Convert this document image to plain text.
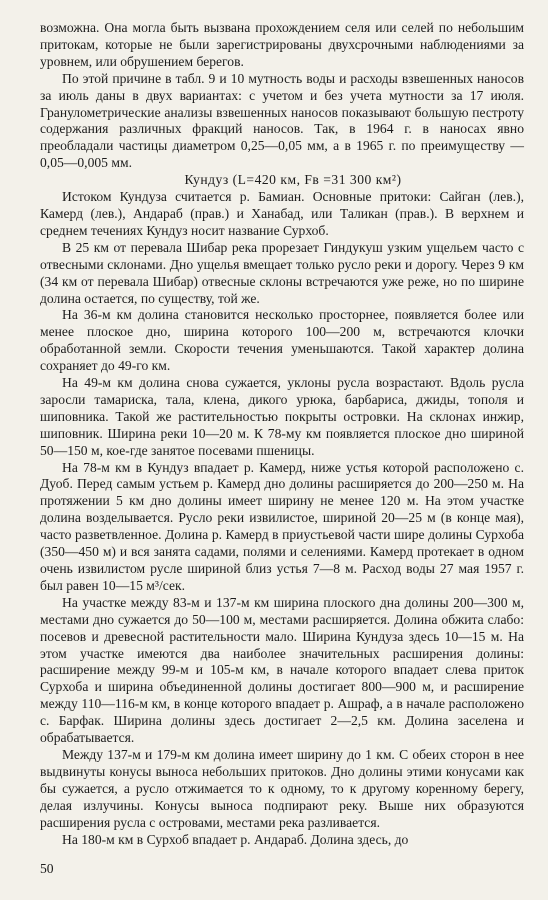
возможна. Она могла быть вызвана прохождением селя или селей по небольшим притокам, которые не были зарегистрированы двухсрочными наблюдениями за уровнем, или обрушением берегов.

По этой причине в табл. 9 и 10 мутность воды и расходы взвешенных наносов за июль даны в двух вариантах: с учетом и без учета мутности за 17 июля. Гранулометрические анализы взвешенных наносов показывают большую пестроту содержания различных фракций наносов. Так, в 1964 г. в наносах явно преобладали частицы диаметром 0,25—0,05 мм, а в 1965 г. по преимуществу — 0,05—0,005 мм.

Кундуз (L=420 км, Fв =31 300 км²)

Истоком Кундуза считается р. Бамиан. Основные притоки: Сайган (лев.), Камерд (лев.), Андараб (прав.) и Ханабад, или Таликан (прав.). В верхнем и среднем течениях Кундуз носит название Сурхоб.

В 25 км от перевала Шибар река прорезает Гиндукуш узким ущельем часто с отвесными склонами. Дно ущелья вмещает только русло реки и дорогу. Через 9 км (34 км от перевала Шибар) отвесные склоны встречаются уже реже, но по ширине долина остается, по существу, той же.

На 36-м км долина становится несколько просторнее, появляется более или менее плоское дно, ширина которого 100—200 м, встречаются клочки обработанной земли. Скорости течения уменьшаются. Такой характер долина сохраняет до 49-го км.

На 49-м км долина снова сужается, уклоны русла возрастают. Вдоль русла заросли тамариска, тала, клена, дикого урюка, барбариса, джиды, тополя и шиповника. Такой же растительностью покрыты островки. На склонах инжир, шиповник. Ширина реки 10—20 м. К 78-му км появляется плоское дно шириной 50—150 м, кое-где занятое посевами пшеницы.

На 78-м км в Кундуз впадает р. Камерд, ниже устья которой расположено с. Дуоб. Перед самым устьем р. Камерд дно долины расширяется до 200—250 м. На протяжении 5 км дно долины имеет ширину не менее 120 м. На этом участке долина возделывается. Русло реки извилистое, шириной 20—25 м (в конце мая), часто разветвленное. Долина р. Камерд в приустьевой части шире долины Сурхоба (350—450 м) и вся занята садами, полями и селениями. Камерд протекает в одном очень извилистом русле шириной близ устья 7—8 м. Расход воды 27 мая 1957 г. был равен 10—15 м³/сек.

На участке между 83-м и 137-м км ширина плоского дна долины 200—300 м, местами дно сужается до 50—100 м, местами расширяется. Долина обжита слабо: посевов и древесной растительности мало. Ширина Кундуза здесь 10—15 м. На этом участке имеются два наиболее значительных расширения долины: расширение между 99-м и 105-м км, в начале которого впадает слева приток Сурхоба и ширина объединенной долины достигает 800—900 м, и расширение между 110—116-м км, в конце которого впадает р. Ашраф, а в начале расположено с. Барфак. Ширина долины здесь достигает 2—2,5 км. Долина заселена и обрабатывается.

Между 137-м и 179-м км долина имеет ширину до 1 км. С обеих сторон в нее выдвинуты конусы выноса небольших притоков. Дно долины этими конусами как бы сужается, а русло отжимается то к одному, то к другому коренному берегу, делая излучины. Конусы выноса подпирают реку. Выше них образуются расширения русла с островами, местами река разливается.

На 180-м км в Сурхоб впадает р. Андараб. Долина здесь, до

50
